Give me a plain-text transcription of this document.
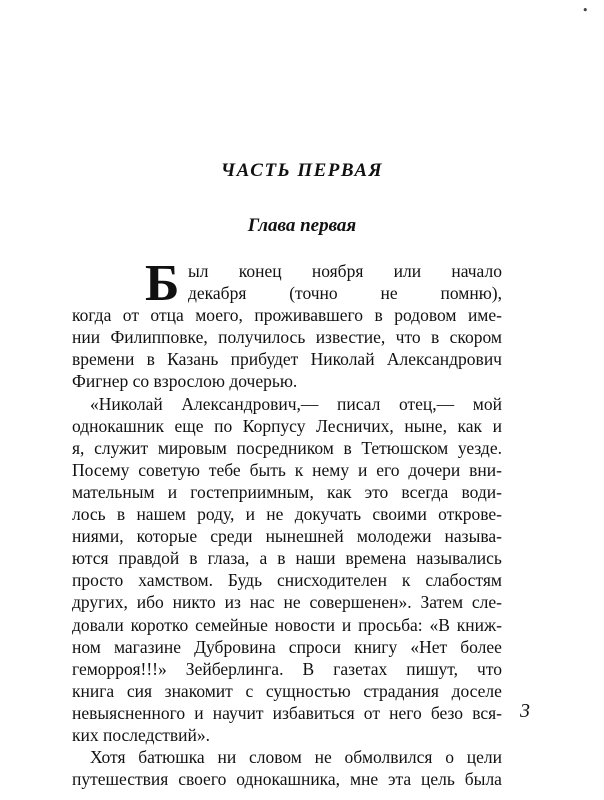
•
ЧАСТЬ ПЕРВАЯ
Глава первая
Б ыл конец ноября или начало
декабря (точно не помню),
когда от отца моего, проживавшего в родовом име-
нии Филипповке, получилось известие, что в скором
времени в Казань прибудет Николай Александрович
Фигнер со взрослою дочерью.
«Николай Александрович,— писал отец,— мой
однокашник еще по Корпусу Лесничих, ныне, как и
я, служит мировым посредником в Тетюшском уезде.
Посему советую тебе быть к нему и его дочери вни-
мательным и гостеприимным, как это всегда води-
лось в нашем роду, и не докучать своими открове-
ниями, которые среди нынешней молодежи называ-
ются правдой в глаза, а в наши времена назывались
просто хамством. Будь снисходителен к слабостям
других, ибо никто из нас не совершенен». Затем сле-
довали коротко семейные новости и просьба: «В книж-
ном магазине Дубровина спроси книгу «Нет более
геморроя!!!» Зейберлинга. В газетах пишут, что
книга сия знакомит с сущностью страдания доселе
невыясненного и научит избавиться от него безо вся-
ких последствий».
Хотя батюшка ни словом не обмолвился о цели
путешествия своего однокашника, мне эта цель была
3
